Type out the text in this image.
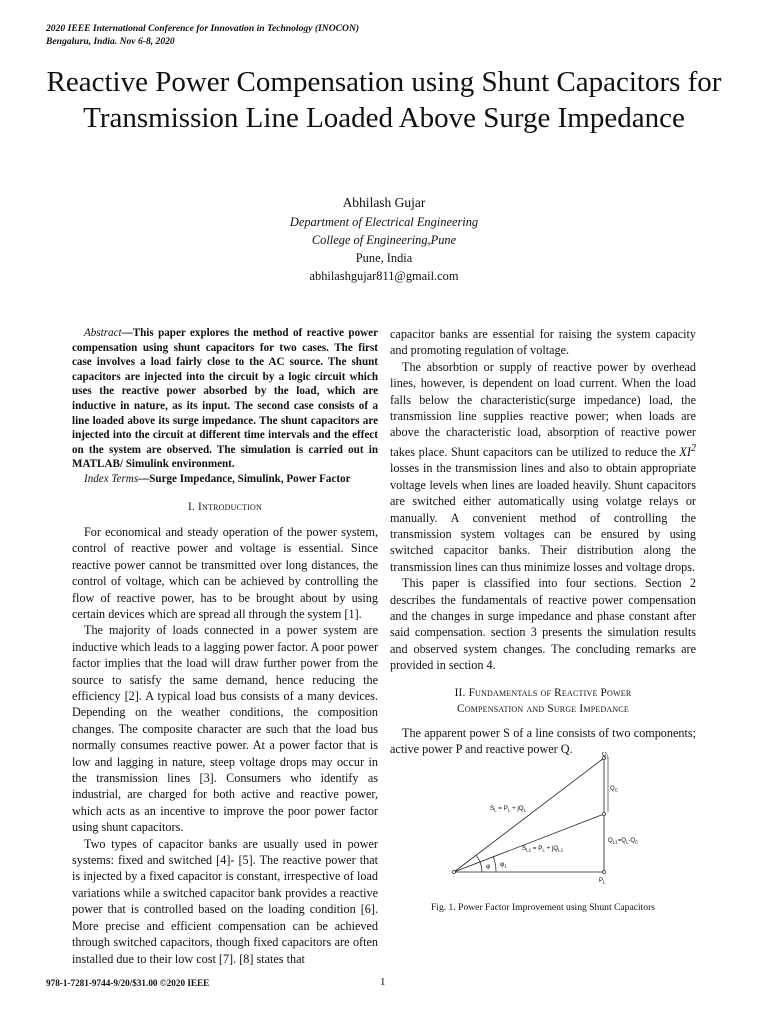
2020 IEEE International Conference for Innovation in Technology (INOCON)
Bengaluru, India. Nov 6-8, 2020
Reactive Power Compensation using Shunt Capacitors for Transmission Line Loaded Above Surge Impedance
Abhilash Gujar
Department of Electrical Engineering
College of Engineering,Pune
Pune, India
abhilashgujar811@gmail.com

Abstract—This paper explores the method of reactive power compensation using shunt capacitors for two cases. The first case involves a load fairly close to the AC source. The shunt capacitors are injected into the circuit by a logic circuit which uses the reactive power absorbed by the load, which are inductive in nature, as its input. The second case consists of a line loaded above its surge impedance. The shunt capacitors are injected into the circuit at different time intervals and the effect on the system are observed. The simulation is carried out in MATLAB/ Simulink environment.

Index Terms—Surge Impedance, Simulink, Power Factor

I. Introduction

For economical and steady operation of the power system, control of reactive power and voltage is essential. Since reactive power cannot be transmitted over long distances, the control of voltage, which can be achieved by controlling the flow of reactive power, has to be brought about by using certain devices which are spread all through the system [1].

The majority of loads connected in a power system are inductive which leads to a lagging power factor. A poor power factor implies that the load will draw further power from the source to satisfy the same demand, hence reducing the efficiency [2]. A typical load bus consists of a many devices. Depending on the weather conditions, the composition changes. The composite character are such that the load bus normally consumes reactive power. At a power factor that is low and lagging in nature, steep voltage drops may occur in the transmission lines [3]. Consumers who identify as industrial, are charged for both active and reactive power, which acts as an incentive to improve the poor power factor using shunt capacitors.

Two types of capacitor banks are usually used in power systems: fixed and switched [4]- [5]. The reactive power that is injected by a fixed capacitor is constant, irrespective of load variations while a switched capacitor bank provides a reactive power that is controlled based on the loading condition [6]. More precise and efficient compensation can be achieved through switched capacitors, though fixed capacitors are often installed due to their low cost [7]. [8] states that

capacitor banks are essential for raising the system capacity and promoting regulation of voltage.

The absorbtion or supply of reactive power by overhead lines, however, is dependent on load current. When the load falls below the characteristic(surge impedance) load, the transmission line supplies reactive power; when loads are above the characteristic load, absorption of reactive power takes place. Shunt capacitors can be utilized to reduce the $XI^2$ losses in the transmission lines and also to obtain appropriate voltage levels when lines are loaded heavily. Shunt capacitors are switched either automatically using volatge relays or manually. A convenient method of controlling the transmission system voltages can be ensured by using switched capacitor banks. Their distribution along the transmission lines can thus minimize losses and voltage drops.

This paper is classified into four sections. Section 2 describes the fundamentals of reactive power compensation and the changes in surge impedance and phase constant after said compensation. section 3 presents the simulation results and observed system changes. The concluding remarks are provided in section 4.

II. Fundamentals of Reactive Power
Compensation and Surge Impedance

The apparent power S of a line consists of two components; active power P and reactive power Q.	$Q_L$
$Q_C$
$S_L = P_L + jQ_L$
$S_{L1} = P_L + jQ_{L1}$
$Q_{L1}=Q_L-Q_C$
φ $\varphi_1$
$P_L$
Fig. 1. Power Factor Improvement using Shunt Capacitors
978-1-7281-9744-9/20/$31.00 ©2020 IEEE	1
